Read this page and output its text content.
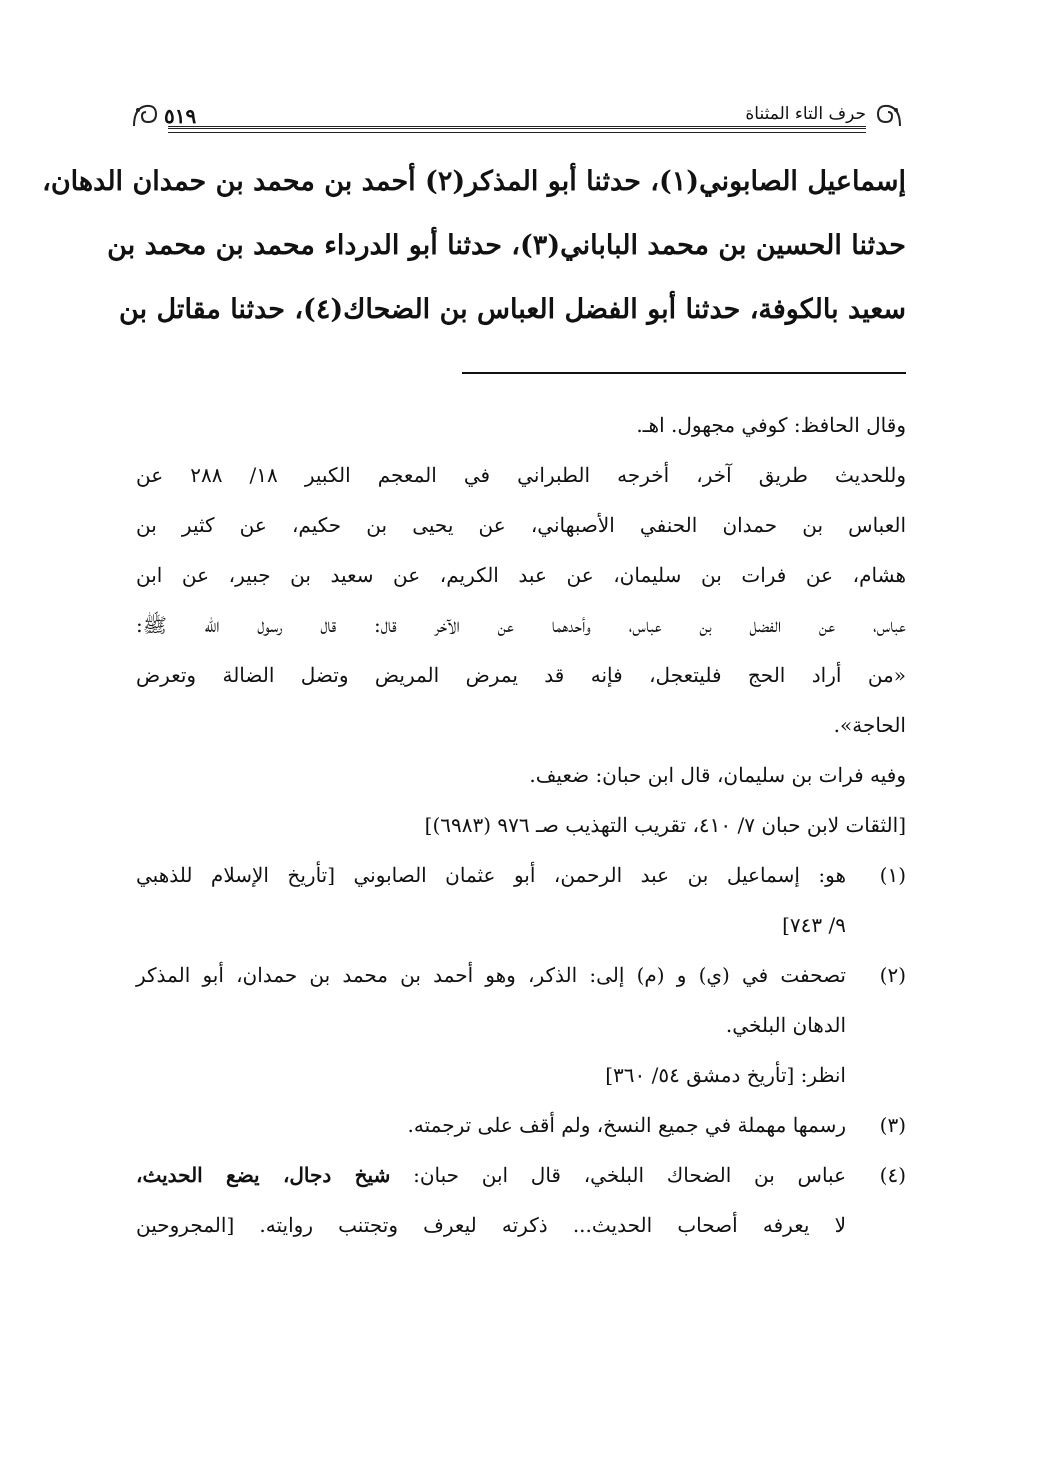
٥١٩	حرف التاء المثناة
إسماعيل الصابوني(١)، حدثنا أبو المذكر(٢) أحمد بن محمد بن حمدان الدهان،
حدثنا الحسين بن محمد الباباني(٣)، حدثنا أبو الدرداء محمد بن محمد بن
سعيد بالكوفة، حدثنا أبو الفضل العباس بن الضحاك(٤)، حدثنا مقاتل بن
وقال الحافظ: كوفي مجهول. اهـ.
وللحديث طريق آخر، أخرجه الطبراني في المعجم الكبير ١٨/ ٢٨٨ عن
العباس بن حمدان الحنفي الأصبهاني، عن يحيى بن حكيم، عن كثير بن
هشام، عن فرات بن سليمان، عن عبد الكريم، عن سعيد بن جبير، عن ابن
عباس، عن الفضل بن عباس، وأحدهما عن الآخر قال: قال رسول الله ﷺ:
«من أراد الحج فليتعجل، فإنه قد يمرض المريض وتضل الضالة وتعرض
الحاجة».
وفيه فرات بن سليمان، قال ابن حبان: ضعيف.
[الثقات لابن حبان ٧/ ٤١٠، تقريب التهذيب صـ ٩٧٦ (٦٩٨٣)]
(١)
هو: إسماعيل بن عبد الرحمن، أبو عثمان الصابوني [تأريخ الإسلام للذهبي
٩/ ٧٤٣]
(٢)
تصحفت في (ي) و (م) إلى: الذكر، وهو أحمد بن محمد بن حمدان، أبو المذكر
الدهان البلخي.
انظر: [تأريخ دمشق ٥٤/ ٣٦٠]
(٣)
رسمها مهملة في جميع النسخ، ولم أقف على ترجمته.
(٤)
عباس بن الضحاك البلخي، قال ابن حبان: شيخ دجال، يضع الحديث،
لا يعرفه أصحاب الحديث... ذكرته ليعرف وتجتنب روايته. [المجروحين
